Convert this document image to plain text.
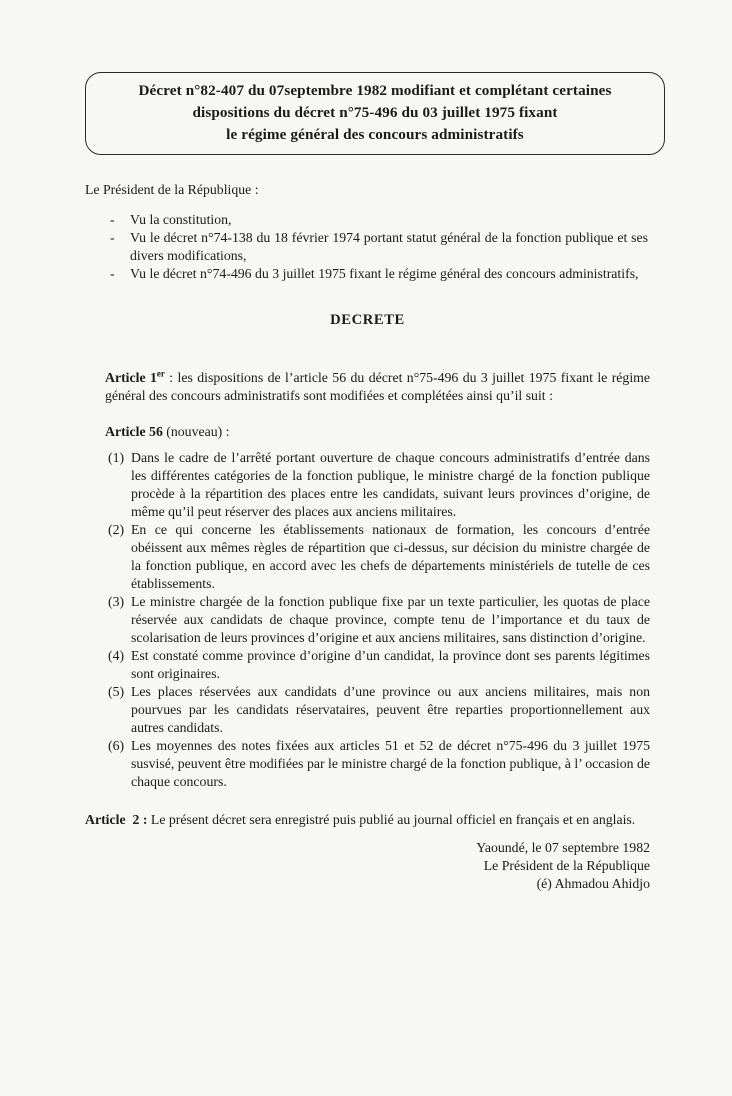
Décret n°82-407 du 07septembre 1982 modifiant et complétant certaines
dispositions du décret n°75-496 du 03 juillet 1975 fixant
le régime général des concours administratifs
Le Président de la République :
-	Vu la constitution,
-	Vu le décret n°74-138 du 18 février 1974 portant statut général de la fonction publique et ses divers modifications,
-	Vu le décret n°74-496 du 3 juillet 1975 fixant le régime général des concours administratifs,
DECRETE

Article 1er : les dispositions de l’article 56 du décret n°75-496 du 3 juillet 1975 fixant le régime général des concours administratifs sont modifiées et complétées ainsi qu’il suit :

Article 56 (nouveau) :
(1) Dans le cadre de l’arrêté portant ouverture de chaque concours administratifs d’entrée dans les différentes catégories de la fonction publique, le ministre chargé de la fonction publique procède à la répartition des places entre les candidats, suivant leurs provinces d’origine, de même qu’il peut réserver des places aux anciens militaires.
(2) En ce qui concerne les établissements nationaux de formation, les concours d’entrée obéissent aux mêmes règles de répartition que ci-dessus, sur décision du ministre chargée de la fonction publique, en accord avec les chefs de départements ministériels de tutelle de ces établissements.
(3) Le ministre chargée de la fonction publique fixe par un texte particulier, les quotas de place réservée aux candidats de chaque province, compte tenu de l’importance et du taux de scolarisation de leurs provinces d’origine et aux anciens militaires, sans distinction d’origine.
(4) Est constaté comme province d’origine d’un candidat, la province dont ses parents légitimes sont originaires.
(5) Les places réservées aux candidats d’une province ou aux anciens militaires, mais non pourvues par les candidats réservataires, peuvent être reparties proportionnellement aux autres candidats.
(6) Les moyennes des notes fixées aux articles 51 et 52 de décret n°75-496 du 3 juillet 1975 susvisé, peuvent être modifiées par le ministre chargé de la fonction publique, à l’ occasion de chaque concours.
Article  2 : Le présent décret sera enregistré puis publié au journal officiel en français et en anglais.
Yaoundé, le 07 septembre 1982
Le Président de la République
(é) Ahmadou Ahidjo
